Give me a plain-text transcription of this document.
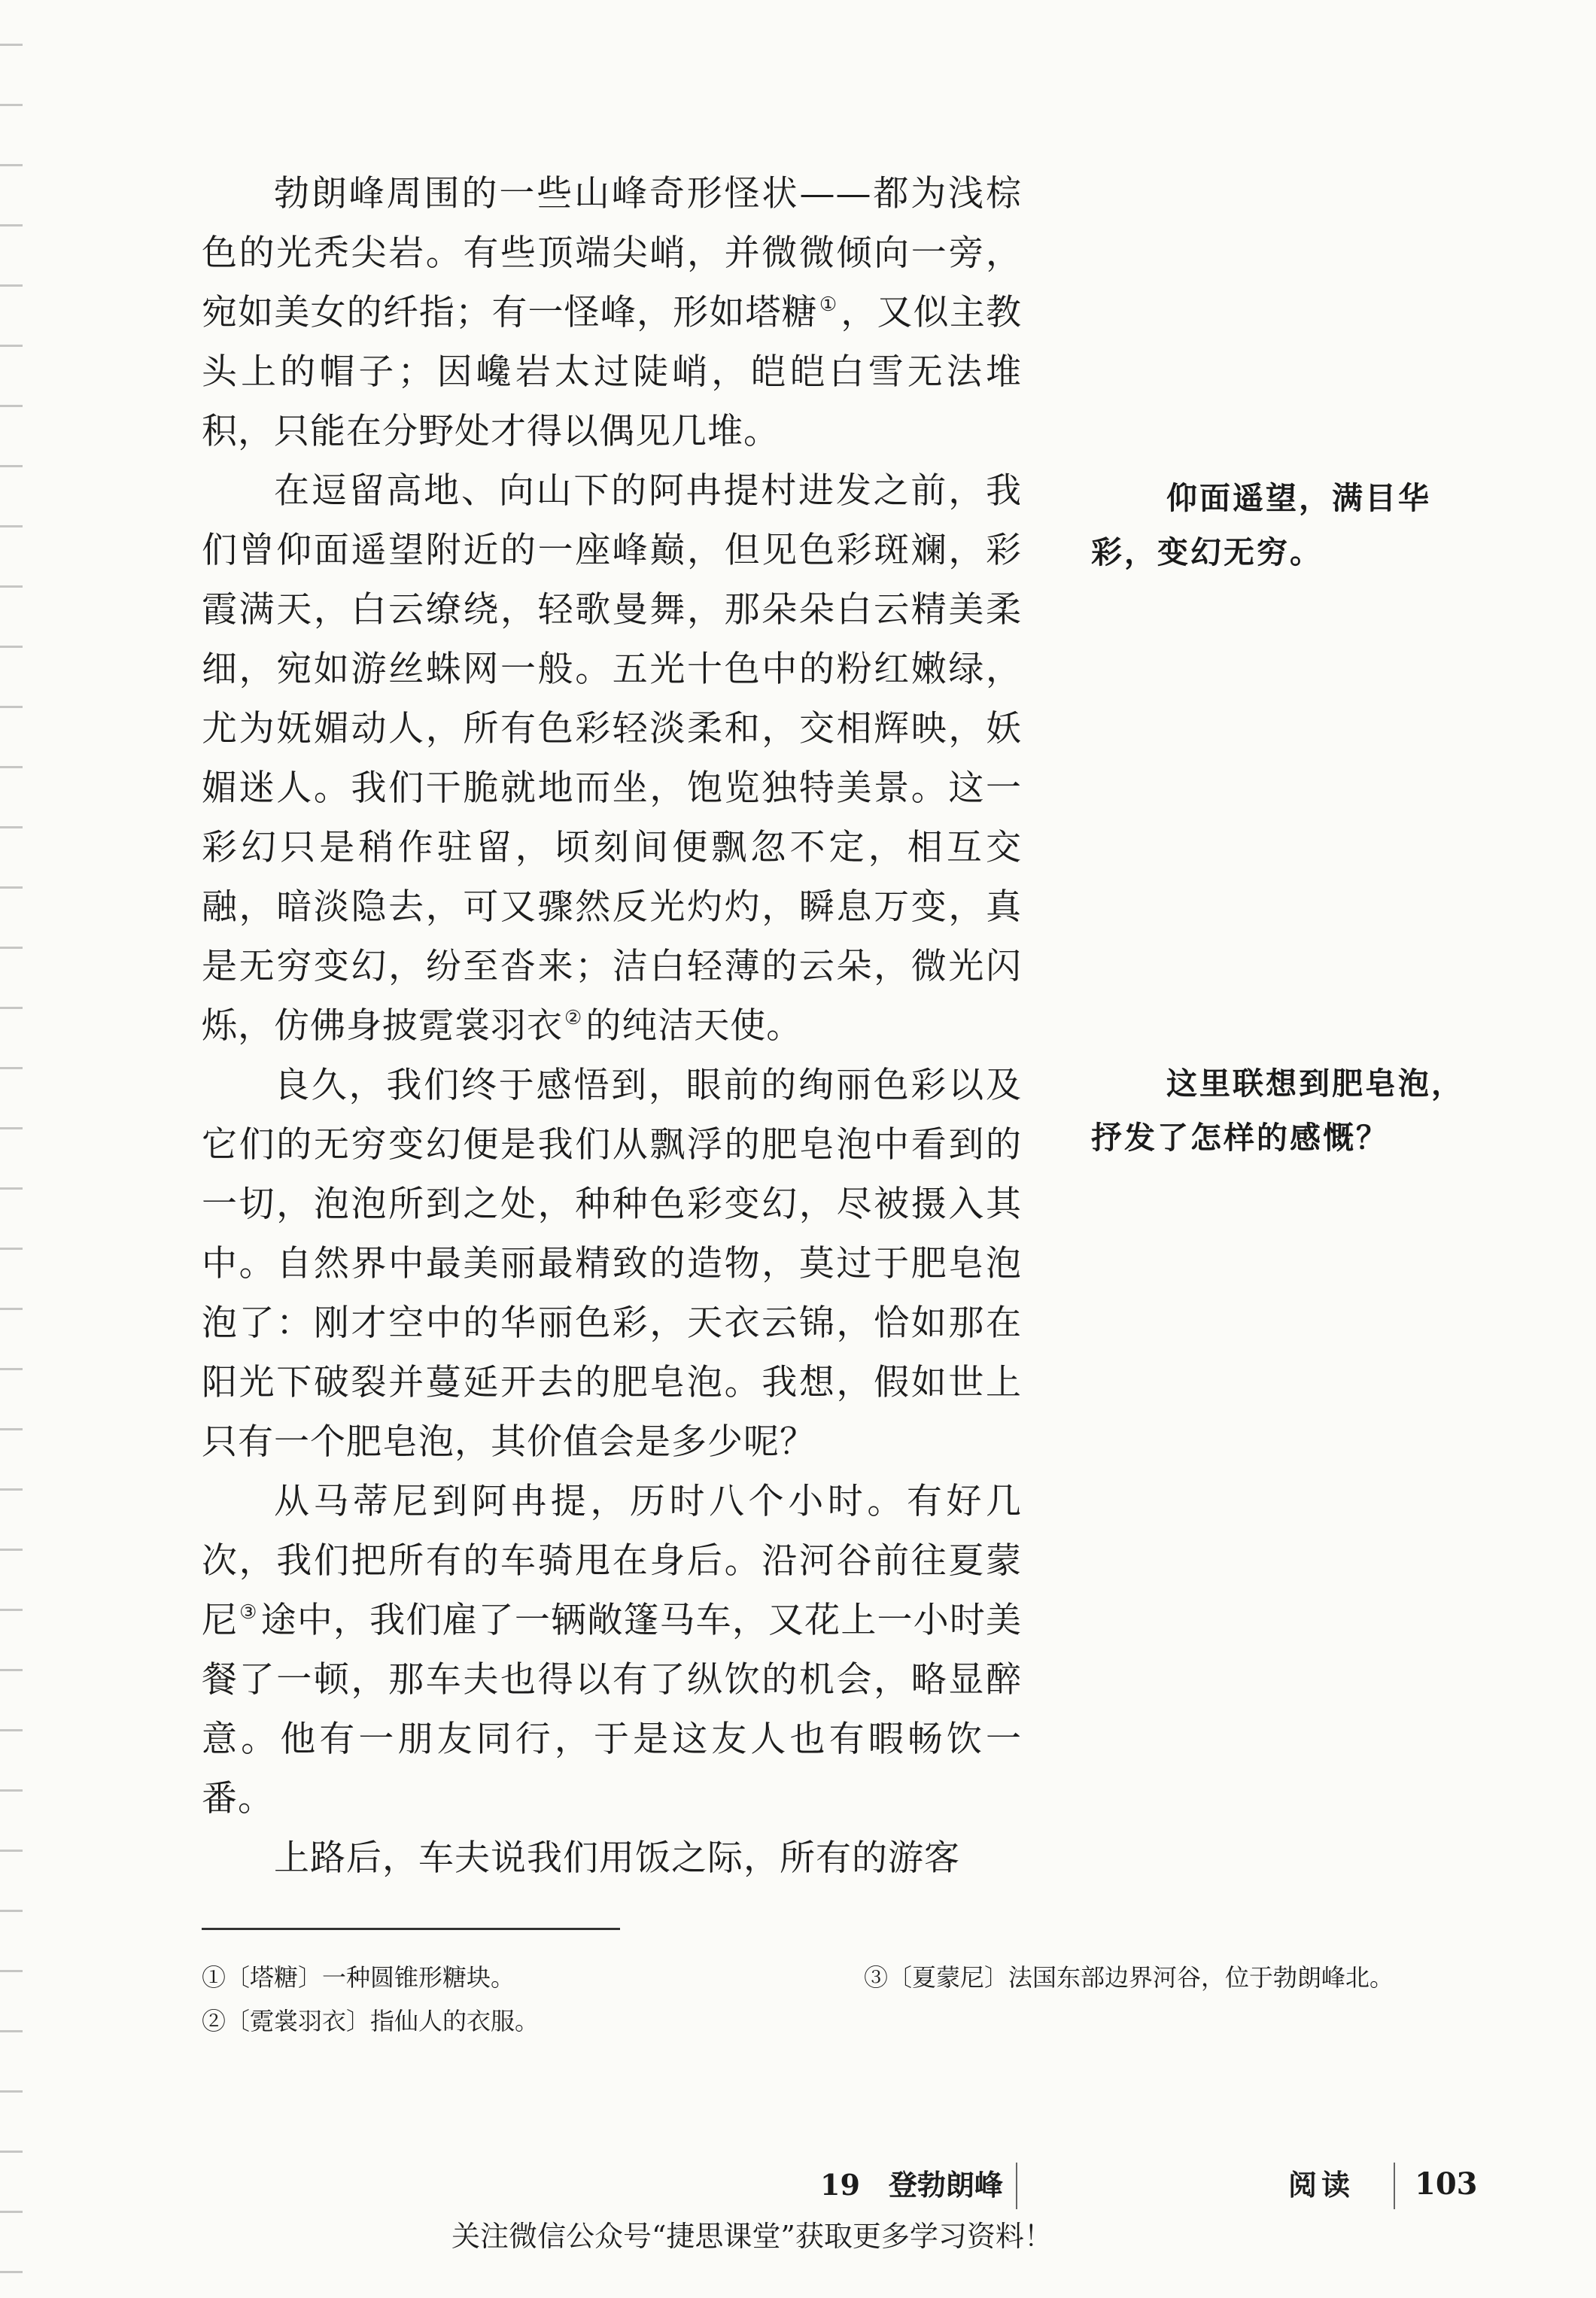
勃朗峰周围的一些山峰奇形怪状——都为浅棕色的光秃尖岩。有些顶端尖峭，并微微倾向一旁，宛如美女的纤指；有一怪峰，形如塔糖①，又似主教头上的帽子；因巉岩太过陡峭，皑皑白雪无法堆积，只能在分野处才得以偶见几堆。

在逗留高地、向山下的阿冉提村进发之前，我们曾仰面遥望附近的一座峰巅，但见色彩斑斓，彩霞满天，白云缭绕，轻歌曼舞，那朵朵白云精美柔细，宛如游丝蛛网一般。五光十色中的粉红嫩绿，尤为妩媚动人，所有色彩轻淡柔和，交相辉映，妖媚迷人。我们干脆就地而坐，饱览独特美景。这一彩幻只是稍作驻留，顷刻间便飘忽不定，相互交融，暗淡隐去，可又骤然反光灼灼，瞬息万变，真是无穷变幻，纷至沓来；洁白轻薄的云朵，微光闪烁，仿佛身披霓裳羽衣②的纯洁天使。

良久，我们终于感悟到，眼前的绚丽色彩以及它们的无穷变幻便是我们从飘浮的肥皂泡中看到的一切，泡泡所到之处，种种色彩变幻，尽被摄入其中。自然界中最美丽最精致的造物，莫过于肥皂泡泡了：刚才空中的华丽色彩，天衣云锦，恰如那在阳光下破裂并蔓延开去的肥皂泡。我想，假如世上只有一个肥皂泡，其价值会是多少呢？

从马蒂尼到阿冉提，历时八个小时。有好几次，我们把所有的车骑甩在身后。沿河谷前往夏蒙尼③途中，我们雇了一辆敞篷马车，又花上一小时美餐了一顿，那车夫也得以有了纵饮的机会，略显醉意。他有一朋友同行，于是这友人也有暇畅饮一番。

上路后，车夫说我们用饭之际，所有的游客

仰面遥望，满目华彩，变幻无穷。

这里联想到肥皂泡，抒发了怎样的感慨？

①〔塔糖〕一种圆锥形糖块。

②〔霓裳羽衣〕指仙人的衣服。

③〔夏蒙尼〕法国东部边界河谷，位于勃朗峰北。

19　登勃朗峰	阅读 103
关注微信公众号“捷思课堂”获取更多学习资料！
